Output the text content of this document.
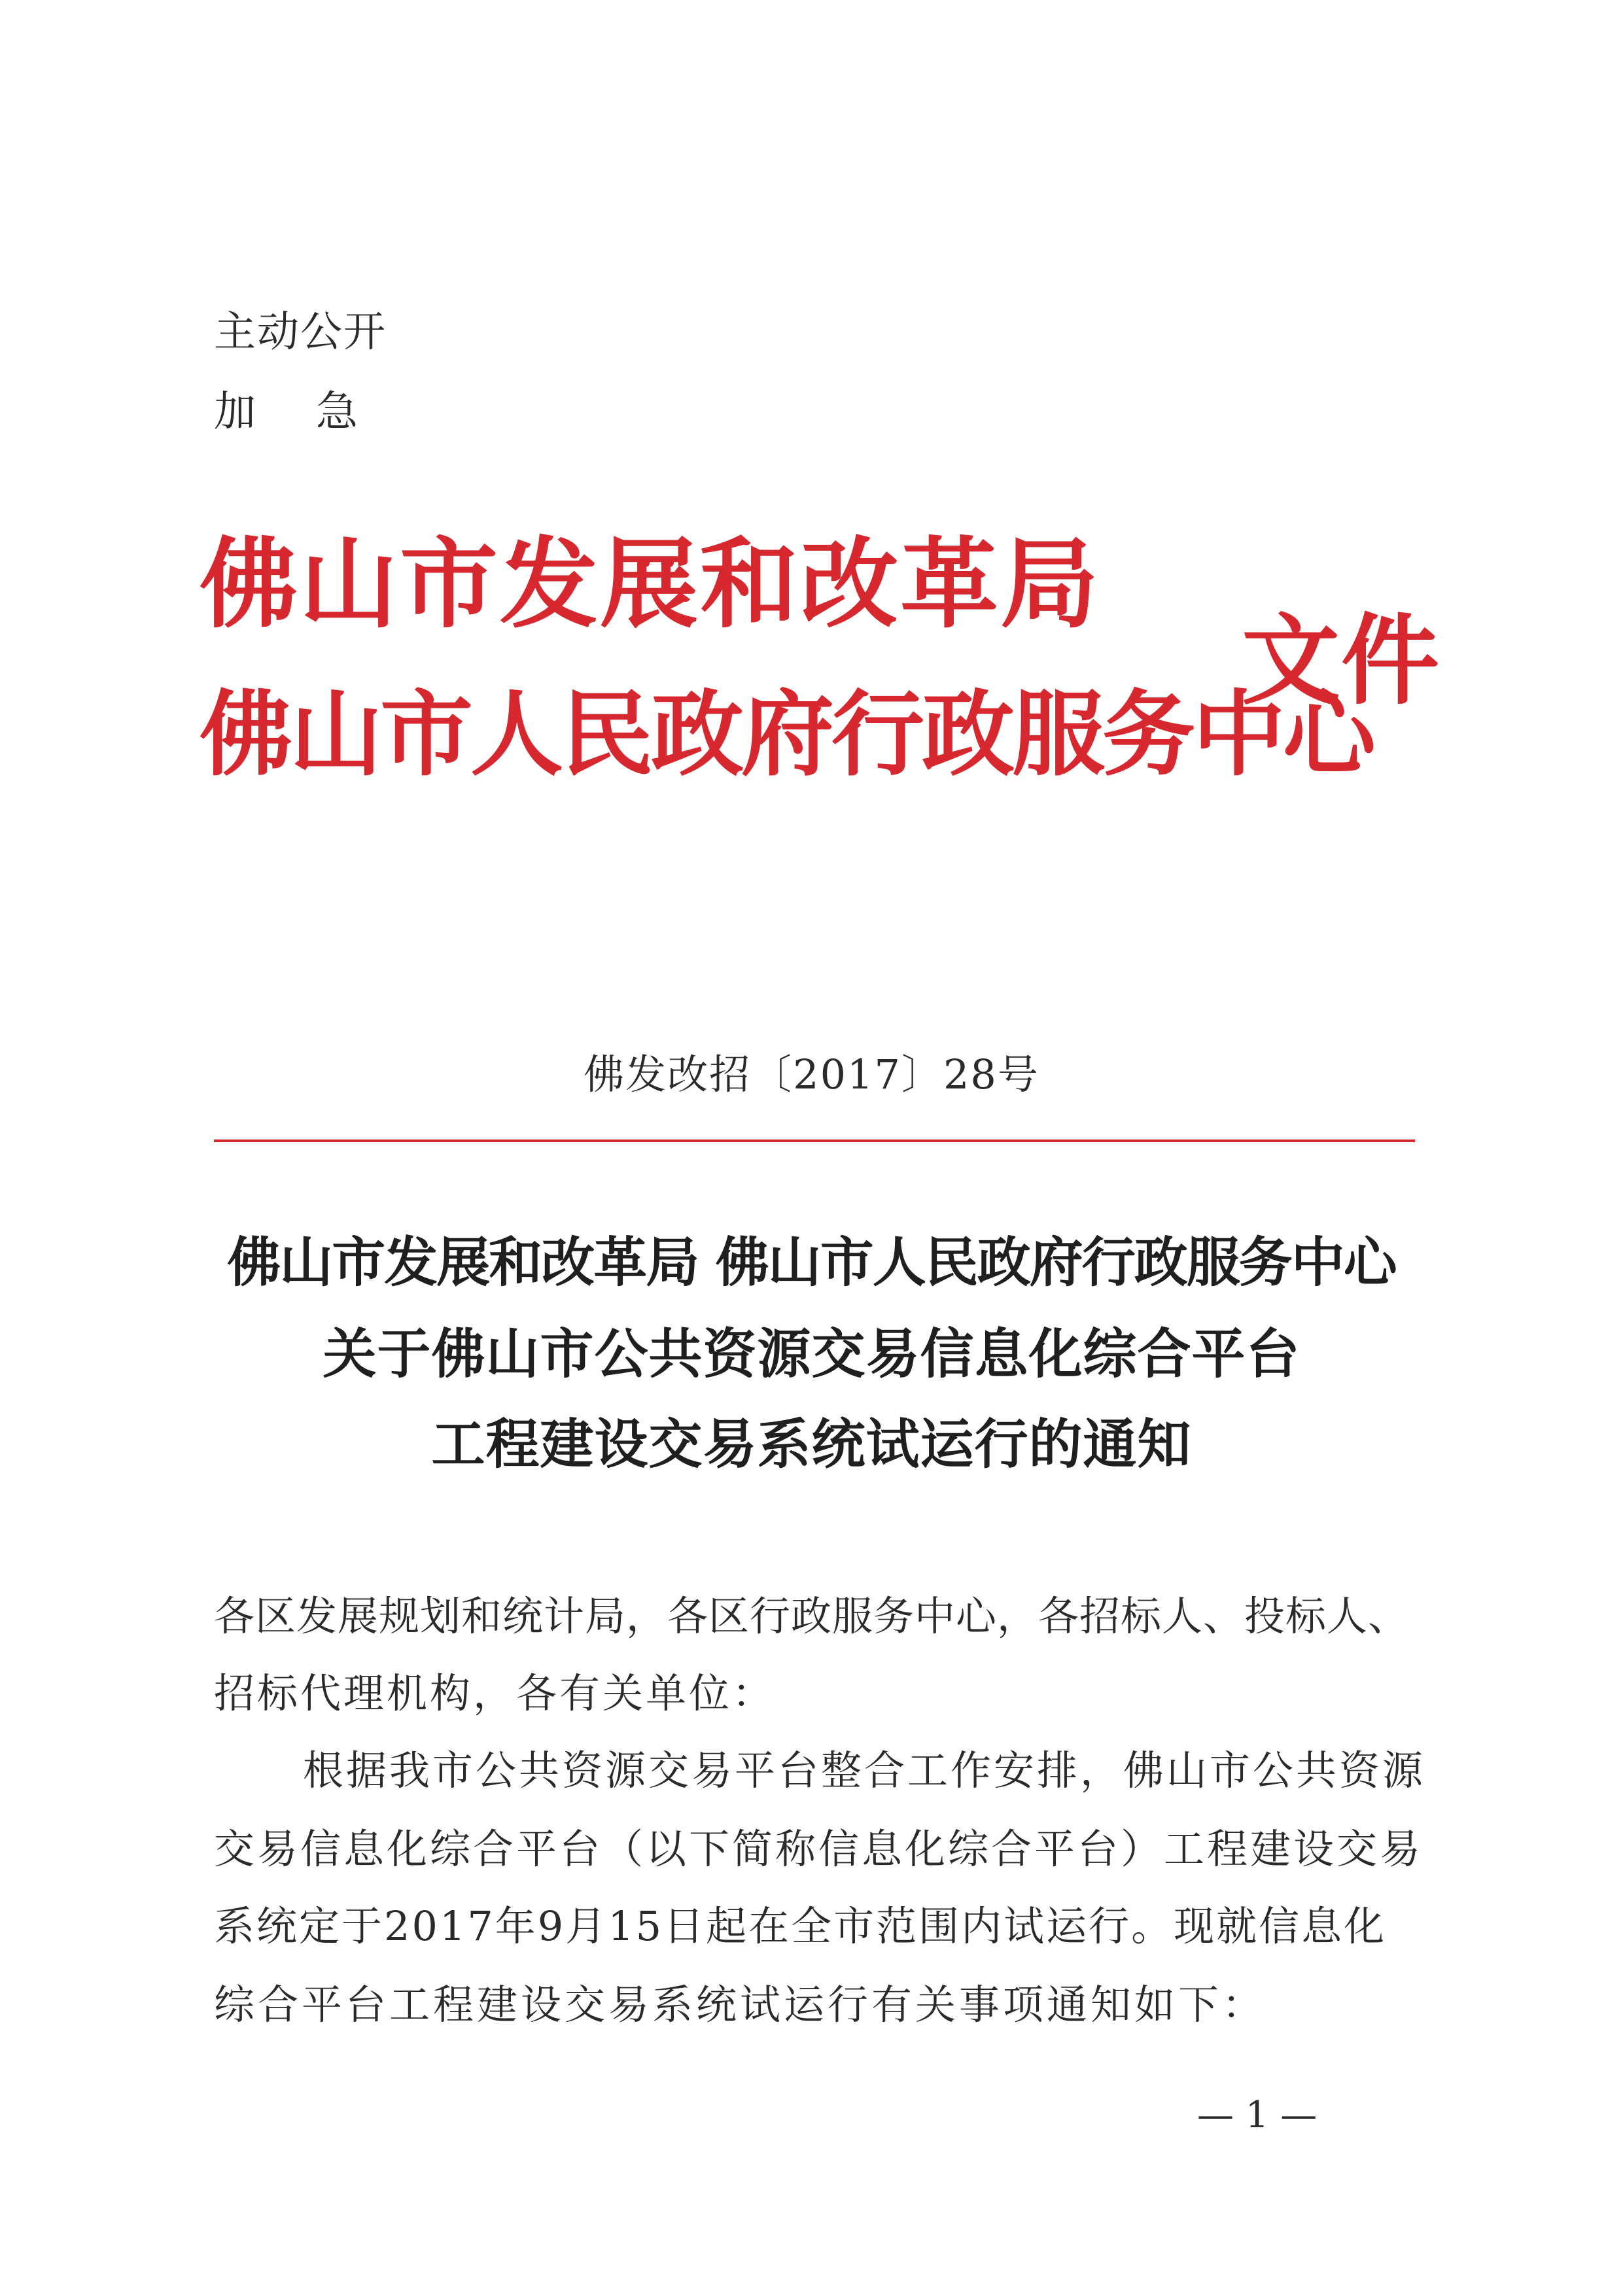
主动公开
加急
佛山市发展和改革局
佛山市人民政府行政服务中心
文件
佛发改招〔2017〕28号
佛山市发展和改革局 佛山市人民政府行政服务中心
关于佛山市公共资源交易信息化综合平台
工程建设交易系统试运行的通知
各区发展规划和统计局，各区行政服务中心，各招标人、投标人、
招标代理机构，各有关单位：
根据我市公共资源交易平台整合工作安排，佛山市公共资源
交易信息化综合平台（以下简称信息化综合平台）工程建设交易
系统定于2017年9月15日起在全市范围内试运行。现就信息化
综合平台工程建设交易系统试运行有关事项通知如下：
— 1 —
